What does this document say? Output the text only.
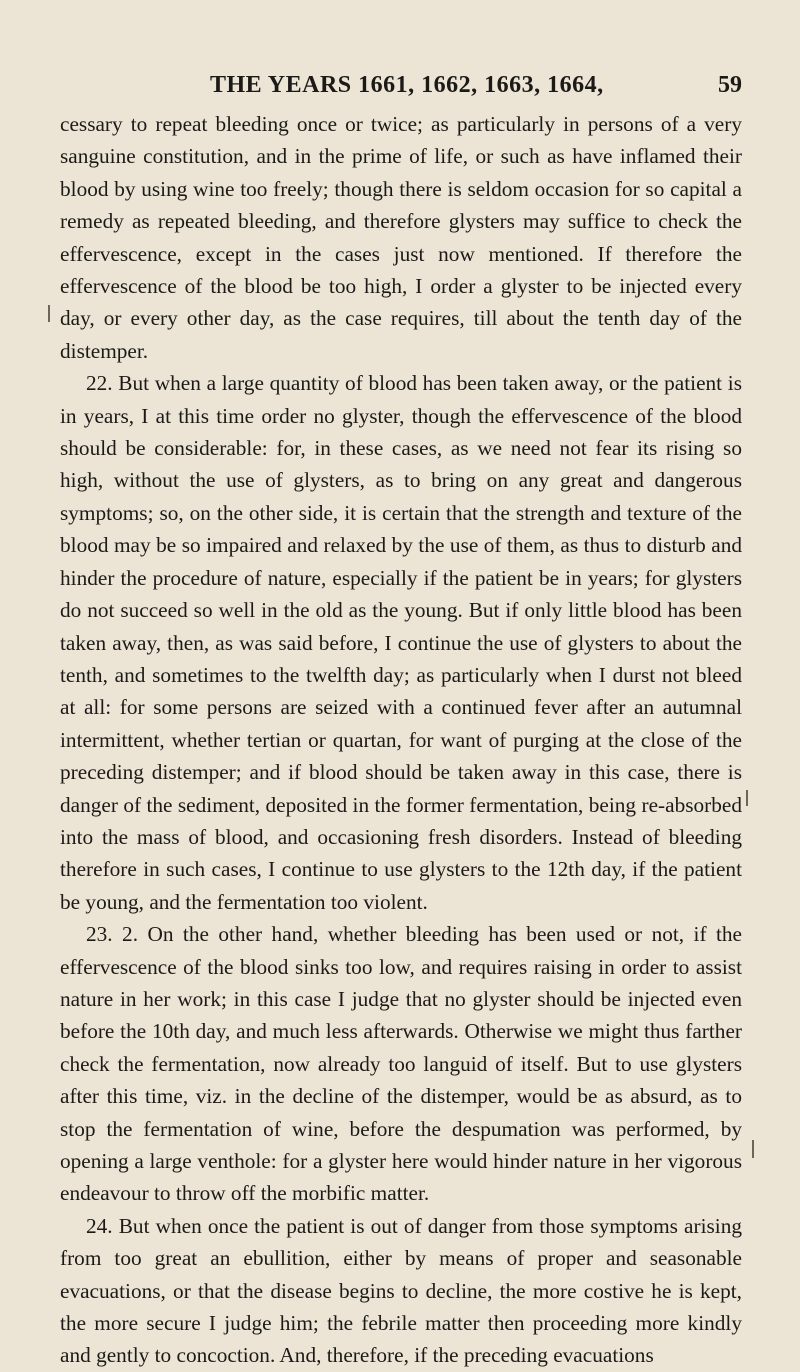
THE YEARS 1661, 1662, 1663, 1664,	59

cessary to repeat bleeding once or twice; as particularly in persons of a very sanguine constitution, and in the prime of life, or such as have inflamed their blood by using wine too freely; though there is seldom occasion for so capital a remedy as repeated bleeding, and therefore glysters may suffice to check the effervescence, except in the cases just now mentioned. If therefore the effervescence of the blood be too high, I order a glyster to be injected every day, or every other day, as the case requires, till about the tenth day of the distemper.

22. But when a large quantity of blood has been taken away, or the patient is in years, I at this time order no glyster, though the effervescence of the blood should be considerable: for, in these cases, as we need not fear its rising so high, without the use of glysters, as to bring on any great and dangerous symptoms; so, on the other side, it is certain that the strength and texture of the blood may be so impaired and relaxed by the use of them, as thus to disturb and hinder the procedure of nature, especially if the patient be in years; for glysters do not succeed so well in the old as the young. But if only little blood has been taken away, then, as was said before, I continue the use of glysters to about the tenth, and sometimes to the twelfth day; as particularly when I durst not bleed at all: for some persons are seized with a continued fever after an autumnal intermittent, whether tertian or quartan, for want of purging at the close of the preceding distemper; and if blood should be taken away in this case, there is danger of the sediment, deposited in the former fermentation, being re-absorbed into the mass of blood, and occasioning fresh disorders. Instead of bleeding therefore in such cases, I continue to use glysters to the 12th day, if the patient be young, and the fermentation too violent.

23. 2. On the other hand, whether bleeding has been used or not, if the effervescence of the blood sinks too low, and requires raising in order to assist nature in her work; in this case I judge that no glyster should be injected even before the 10th day, and much less afterwards. Otherwise we might thus farther check the fermentation, now already too languid of itself. But to use glysters after this time, viz. in the decline of the distemper, would be as absurd, as to stop the fermentation of wine, before the despumation was performed, by opening a large venthole: for a glyster here would hinder nature in her vigorous endeavour to throw off the morbific matter.

24. But when once the patient is out of danger from those symptoms arising from too great an ebullition, either by means of proper and seasonable evacuations, or that the disease begins to decline, the more costive he is kept, the more secure I judge him; the febrile matter then proceeding more kindly and gently to concoction. And, therefore, if the preceding evacuations
